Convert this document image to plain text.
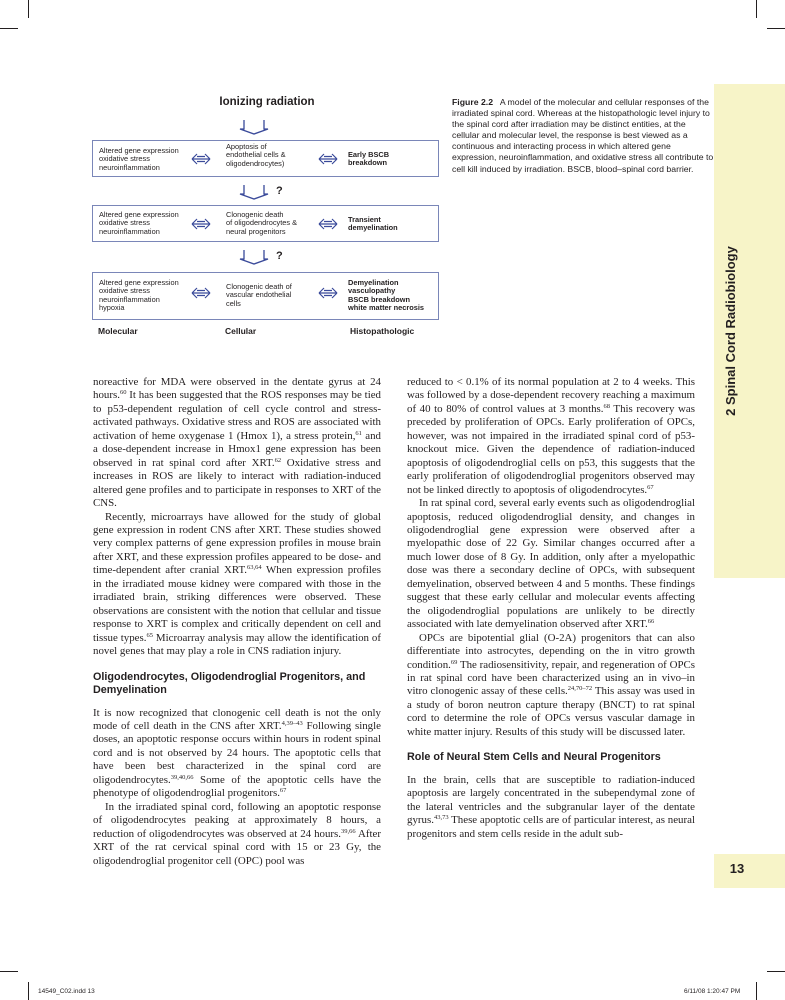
Ionizing radiation
Altered gene expression
oxidative stress
neuroinflammation
Apoptosis of
endothelial cells &
oligodendrocytes)
Early BSCB
breakdown
?
Altered gene expression
oxidative stress
neuroinflammation
Clonogenic death
of oligodendrocytes &
neural progenitors
Transient
demyelination
?
Altered gene expression
oxidative stress
neuroinflammation
hypoxia
Clonogenic death of
vascular endothelial
cells
Demyelination
vasculopathy
BSCB breakdown
white matter necrosis
Molecular	Cellular	Histopathologic
Figure 2.2 A model of the molecular and cellular responses of the irradiated spinal cord. Whereas at the histopathologic level injury to the spinal cord after irradiation may be distinct entities, at the cellular and molecular level, the response is best viewed as a continuous and interacting process in which altered gene expression, neuroinflammation, and oxidative stress all contribute to cell kill induced by irradiation. BSCB, blood–spinal cord barrier.
2 Spinal Cord Radiobiology
13

noreactive for MDA were observed in the dentate gyrus at 24 hours.$^{60}$ It has been suggested that the ROS responses may be tied to p53-dependent regulation of cell cycle control and stress-activated pathways. Oxidative stress and ROS are associated with activation of heme oxygenase 1 (Hmox 1), a stress protein,$^{61}$ and a dose-dependent increase in Hmox1 gene expression has been observed in rat spinal cord after XRT.$^{62}$ Oxidative stress and increases in ROS are likely to interact with radiation-induced altered gene profiles and to participate in responses to XRT of the CNS.

Recently, microarrays have allowed for the study of global gene expression in rodent CNS after XRT. These studies showed very complex patterns of gene expression profiles in mouse brain after XRT, and these expression profiles appeared to be dose- and time-dependent after cranial XRT.$^{63,64}$ When expression profiles in the irradiated mouse kidney were compared with those in the irradiated brain, striking differences were observed. These observations are consistent with the notion that cellular and tissue response to XRT is complex and critically dependent on cell and tissue types.$^{65}$ Microarray analysis may allow the identification of novel genes that may play a role in CNS radiation injury.

Oligodendrocytes, Oligodendroglial Progenitors, and Demyelination

It is now recognized that clonogenic cell death is not the only mode of cell death in the CNS after XRT.$^{4,39-43}$ Following single doses, an apoptotic response occurs within hours in rodent spinal cord and is not observed by 24 hours. The apoptotic cells that have been best characterized in the spinal cord are oligodendrocytes.$^{39,40,66}$ Some of the apoptotic cells have the phenotype of oligodendroglial progenitors.$^{67}$

In the irradiated spinal cord, following an apoptotic response of oligodendrocytes peaking at approximately 8 hours, a reduction of oligodendrocytes was observed at 24 hours.$^{39,66}$ After XRT of the rat cervical spinal cord with 15 or 23 Gy, the oligodendroglial progenitor cell (OPC) pool was

reduced to < 0.1% of its normal population at 2 to 4 weeks. This was followed by a dose-dependent recovery reaching a maximum of 40 to 80% of control values at 3 months.$^{68}$ This recovery was preceded by proliferation of OPCs. Early proliferation of OPCs, however, was not impaired in the irradiated spinal cord of p53-knockout mice. Given the dependence of radiation-induced apoptosis of oligodendroglial cells on p53, this suggests that the early proliferation of oligodendroglial progenitors observed may not be linked directly to apoptosis of oligodendrocytes.$^{67}$

In rat spinal cord, several early events such as oligodendroglial apoptosis, reduced oligodendroglial density, and changes in oligodendroglial gene expression were observed after a myelopathic dose of 22 Gy. Similar changes occurred after a much lower dose of 8 Gy. In addition, only after a myelopathic dose was there a secondary decline of OPCs, with subsequent demyelination, observed between 4 and 5 months. These findings suggest that these early cellular and molecular events affecting the oligodendroglial populations are unlikely to be directly associated with late demyelination observed after XRT.$^{66}$

OPCs are bipotential glial (O-2A) progenitors that can also differentiate into astrocytes, depending on the in vitro growth condition.$^{69}$ The radiosensitivity, repair, and regeneration of OPCs in rat spinal cord have been characterized using an in vivo–in vitro clonogenic assay of these cells.$^{24,70-72}$ This assay was used in a study of boron neutron capture therapy (BNCT) to rat spinal cord to determine the role of OPCs versus vascular damage in white matter injury. Results of this study will be discussed later.

Role of Neural Stem Cells and Neural Progenitors

In the brain, cells that are susceptible to radiation-induced apoptosis are largely concentrated in the subependymal zone of the lateral ventricles and the subgranular layer of the dentate gyrus.$^{43,73}$ These apoptotic cells are of particular interest, as neural progenitors and stem cells reside in the adult sub-

14549_C02.indd 13	6/11/08 1:20:47 PM
